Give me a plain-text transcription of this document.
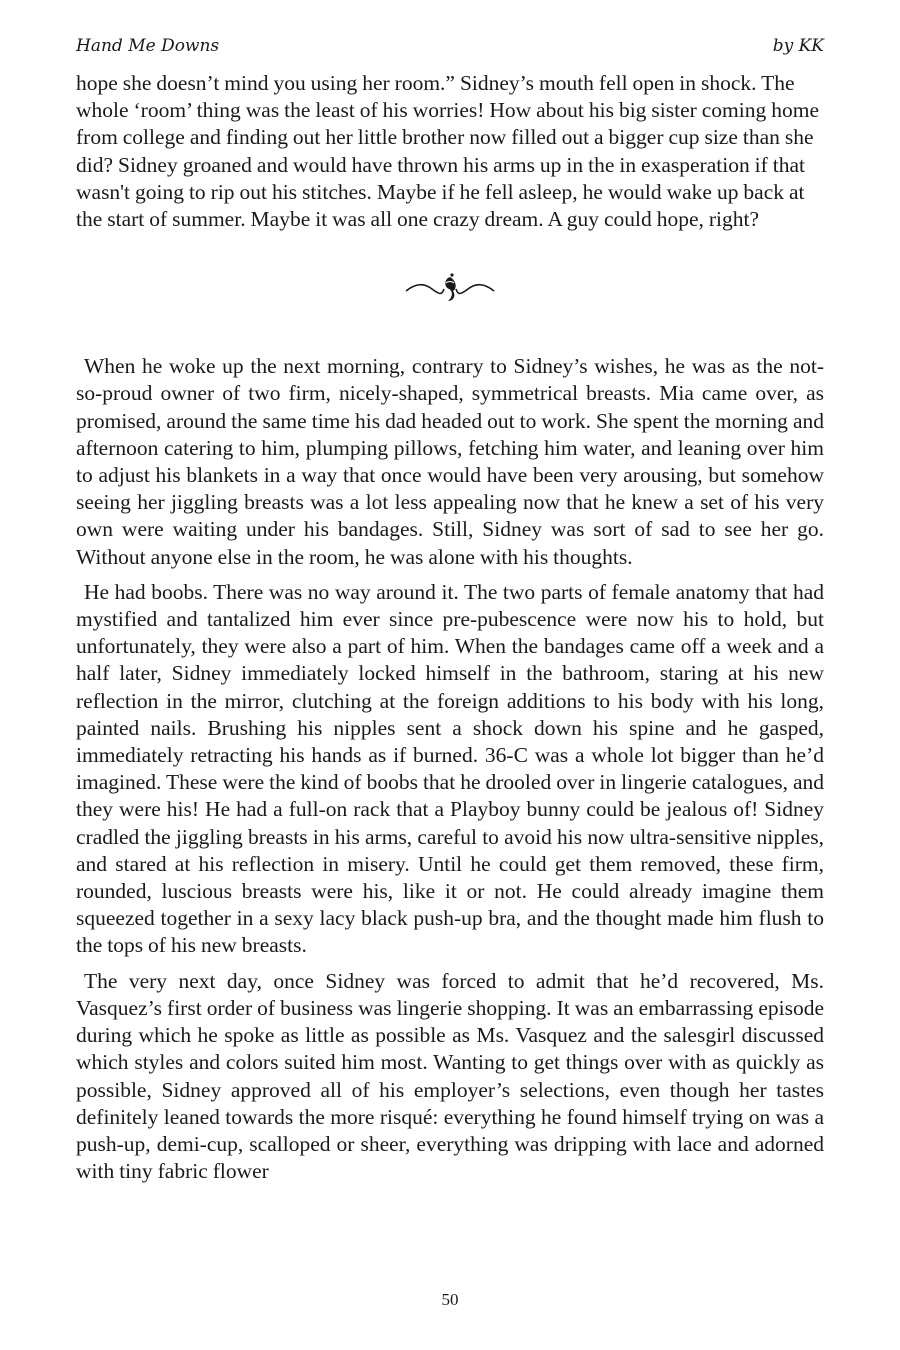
Hand Me Downs	by KK

hope she doesn’t mind you using her room.” Sidney’s mouth fell open in shock. The whole ‘room’ thing was the least of his worries! How about his big sister coming home from college and finding out her little brother now filled out a bigger cup size than she did? Sidney groaned and would have thrown his arms up in the in exasperation if that wasn't going to rip out his stitches. Maybe if he fell asleep, he would wake up back at the start of summer. Maybe it was all one crazy dream. A guy could hope, right?

When he woke up the next morning, contrary to Sidney’s wishes, he was as the not-so-proud owner of two firm, nicely-shaped, symmetrical breasts. Mia came over, as promised, around the same time his dad headed out to work. She spent the morning and afternoon catering to him, plumping pillows, fetching him water, and leaning over him to adjust his blankets in a way that once would have been very arousing, but somehow seeing her jiggling breasts was a lot less appealing now that he knew a set of his very own were waiting under his bandages. Still, Sidney was sort of sad to see her go. Without anyone else in the room, he was alone with his thoughts.

He had boobs. There was no way around it. The two parts of female anatomy that had mystified and tantalized him ever since pre-pubescence were now his to hold, but unfortunately, they were also a part of him. When the bandages came off a week and a half later, Sidney immediately locked himself in the bathroom, staring at his new reflection in the mirror, clutching at the foreign additions to his body with his long, painted nails. Brushing his nipples sent a shock down his spine and he gasped, immediately retracting his hands as if burned. 36-C was a whole lot bigger than he’d imagined. These were the kind of boobs that he drooled over in lingerie catalogues, and they were his! He had a full-on rack that a Playboy bunny could be jealous of! Sidney cradled the jiggling breasts in his arms, careful to avoid his now ultra-sensitive nipples, and stared at his reflection in misery. Until he could get them removed, these firm, rounded, luscious breasts were his, like it or not. He could already imagine them squeezed together in a sexy lacy black push-up bra, and the thought made him flush to the tops of his new breasts.

The very next day, once Sidney was forced to admit that he’d recovered, Ms. Vasquez’s first order of business was lingerie shopping. It was an embarrassing episode during which he spoke as little as possible as Ms. Vasquez and the salesgirl discussed which styles and colors suited him most. Wanting to get things over with as quickly as possible, Sidney approved all of his employer’s selections, even though her tastes definitely leaned towards the more risqué: everything he found himself trying on was a push-up, demi-cup, scalloped or sheer, everything was dripping with lace and adorned with tiny fabric flower

50
